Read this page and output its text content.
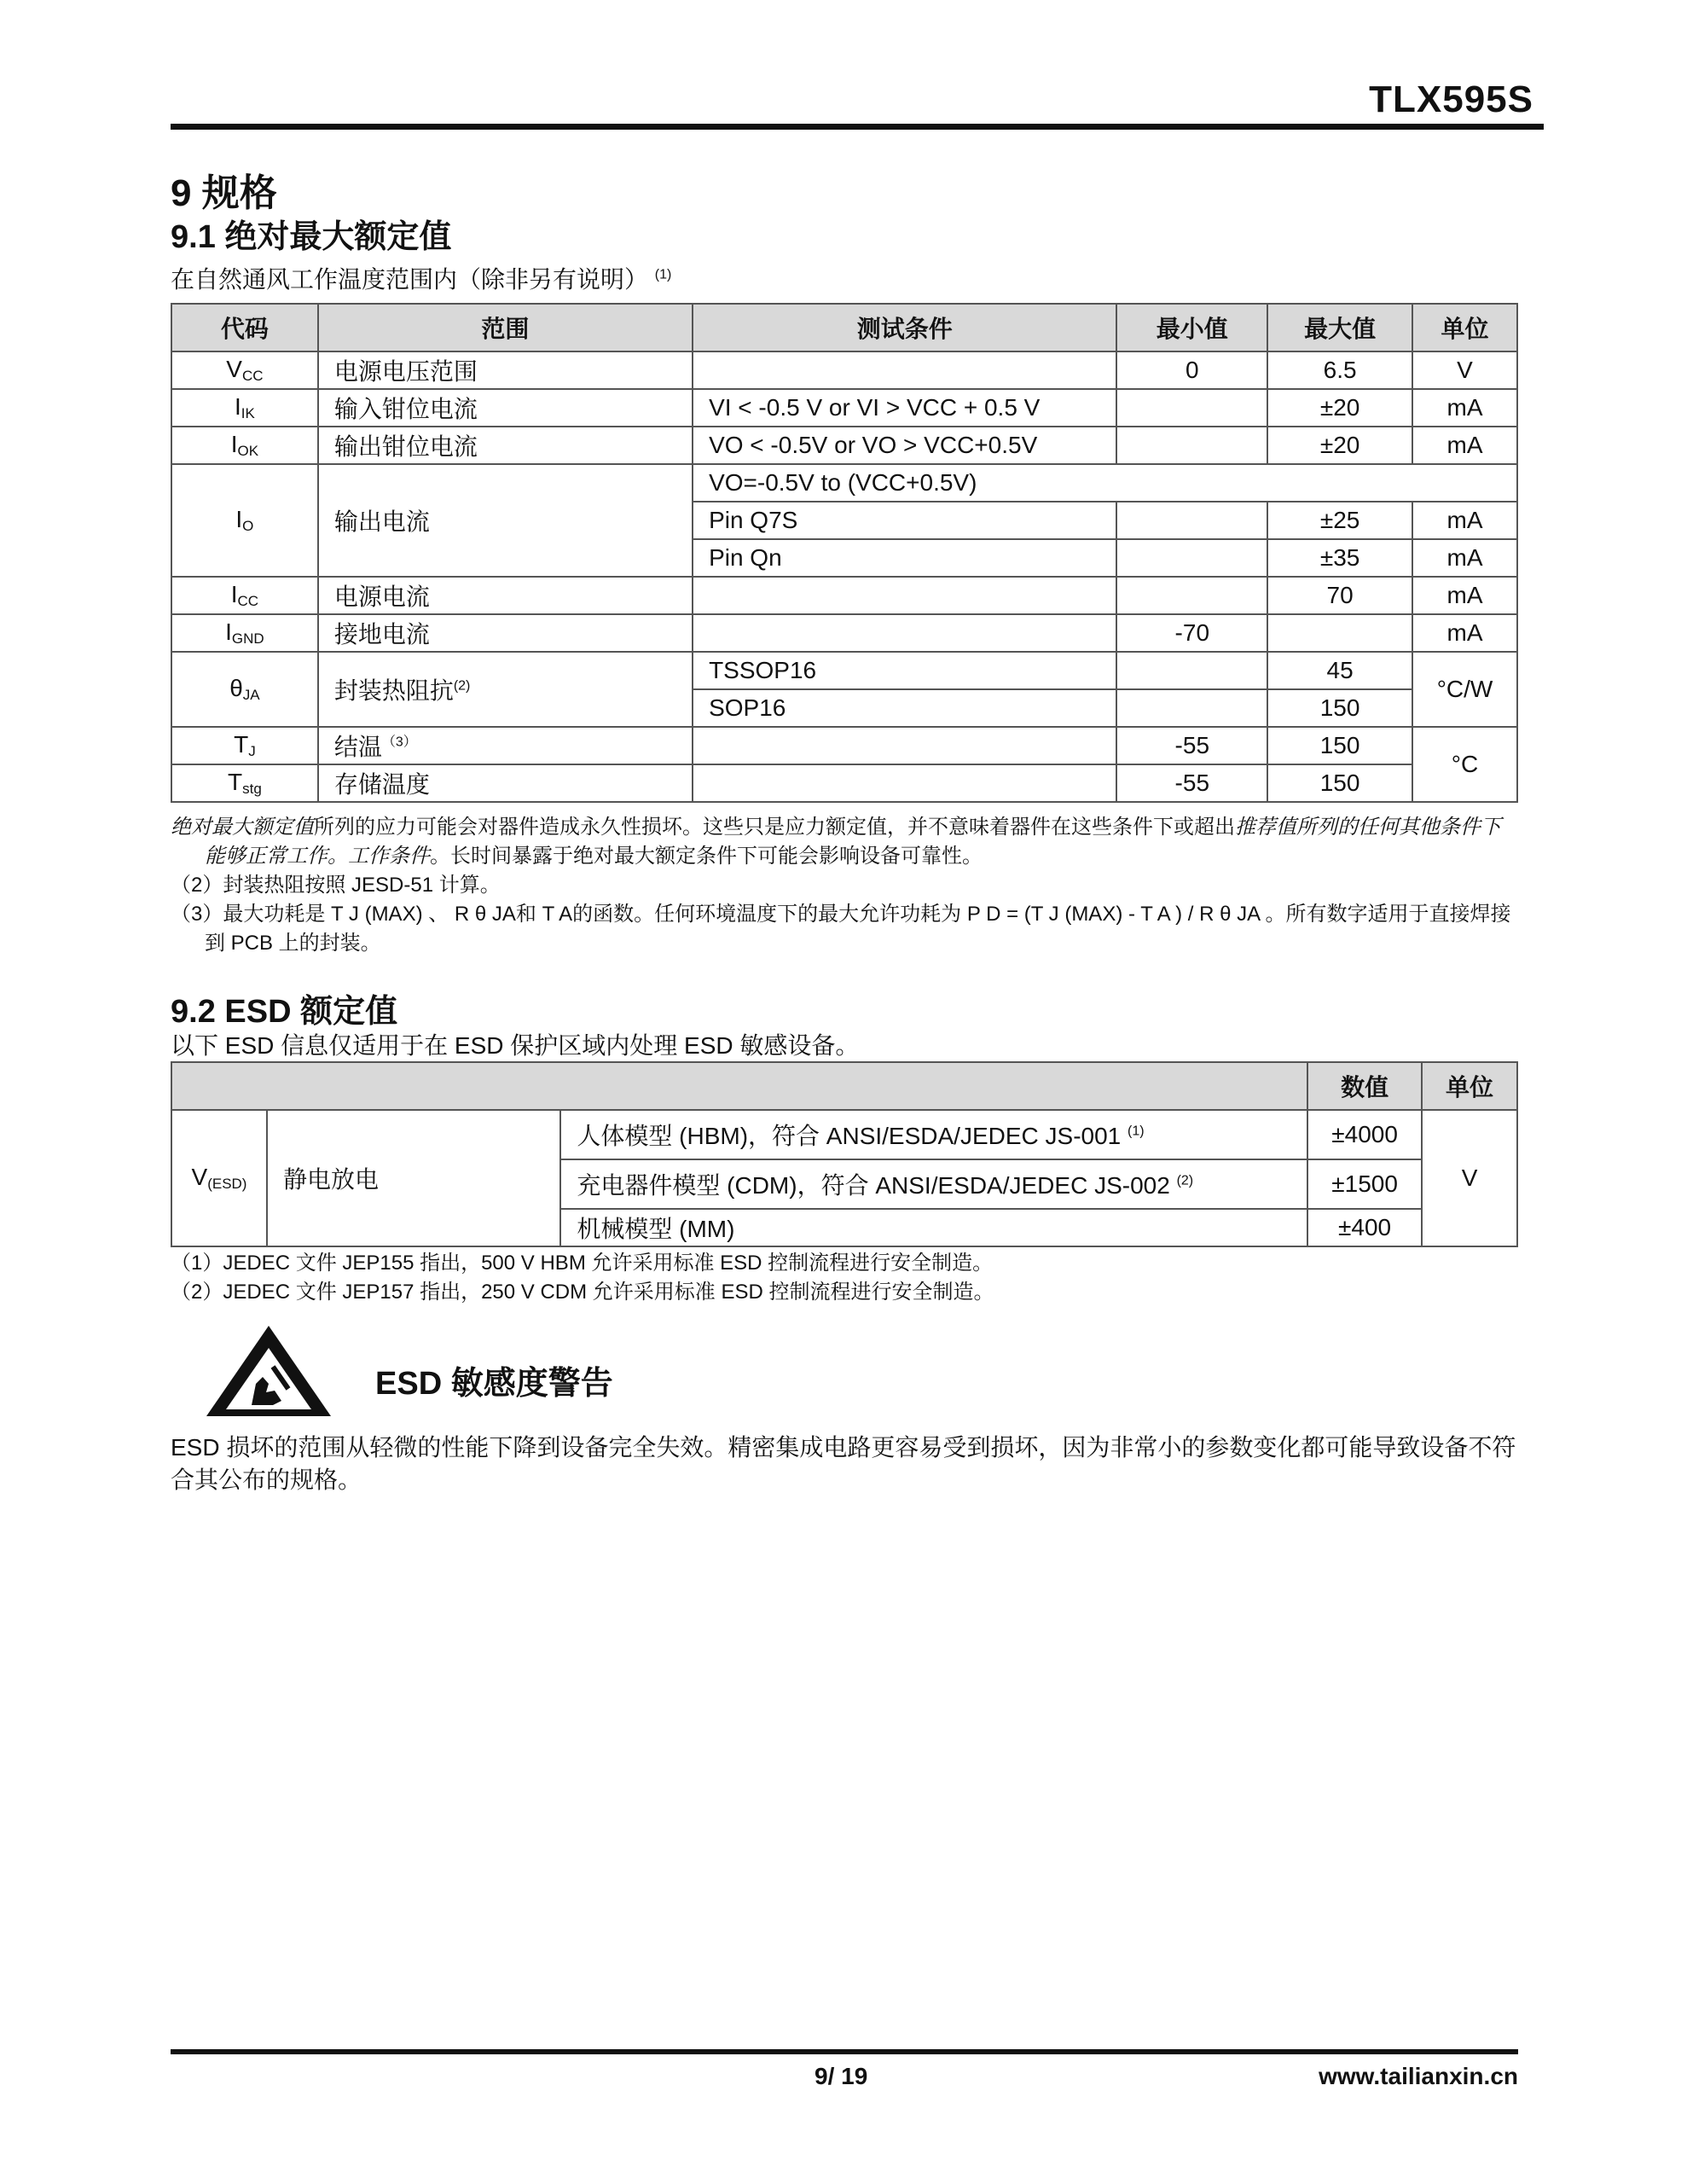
TLX595S
9 规格
9.1 绝对最大额定值
在自然通风工作温度范围内（除非另有说明） $^{(1)}$
代码	范围	测试条件	最小值	最大值	单位
$V_{CC}$	电源电压范围		0	6.5	V
$I_{IK}$	输入钳位电流	VI < -0.5 V or VI > VCC + 0.5 V		±20	mA
$I_{OK}$	输出钳位电流	VO < -0.5V or VO > VCC+0.5V		±20	mA
$I_O$	输出电流	VO=-0.5V to (VCC+0.5V)			
		Pin Q7S		±25	mA
		Pin Qn		±35	mA
$I_{CC}$	电源电流			70	mA
$I_{GND}$	接地电流		-70		mA
$\theta_{JA}$	封装热阻抗$^{(2)}$	TSSOP16		45	°C/W
		SOP16		150	
$T_J$	结温$^{(3)}$		-55	150	°C
$T_{stg}$	存储温度		-55	150	
绝对最大额定值所列的应力可能会对器件造成永久性损坏。这些只是应力额定值，并不意味着器件在这些条件下或超出推荐值所列的任何其他条件下能够正常工作。工作条件。长时间暴露于绝对最大额定条件下可能会影响设备可靠性。
（2）封装热阻按照 JESD-51 计算。
（3）最大功耗是 T J (MAX) 、 R θ JA和 T A的函数。任何环境温度下的最大允许功耗为 P D = (T J (MAX) - T A ) / R θ JA 。所有数字适用于直接焊接到 PCB 上的封装。
9.2 ESD 额定值
以下 ESD 信息仅适用于在 ESD 保护区域内处理 ESD 敏感设备。
			数值	单位
$V_{(ESD)}$	静电放电	人体模型 (HBM)，符合 ANSI/ESDA/JEDEC JS-001 $^{(1)}$	±4000	V
		充电器件模型 (CDM)，符合 ANSI/ESDA/JEDEC JS-002 $^{(2)}$	±1500	
		机械模型 (MM)	±400	
（1）JEDEC 文件 JEP155 指出，500 V HBM 允许采用标准 ESD 控制流程进行安全制造。
（2）JEDEC 文件 JEP157 指出，250 V CDM 允许采用标准 ESD 控制流程进行安全制造。
ESD 敏感度警告
ESD 损坏的范围从轻微的性能下降到设备完全失效。精密集成电路更容易受到损坏，因为非常小的参数变化都可能导致设备不符合其公布的规格。
9/ 19	www.tailianxin.cn
